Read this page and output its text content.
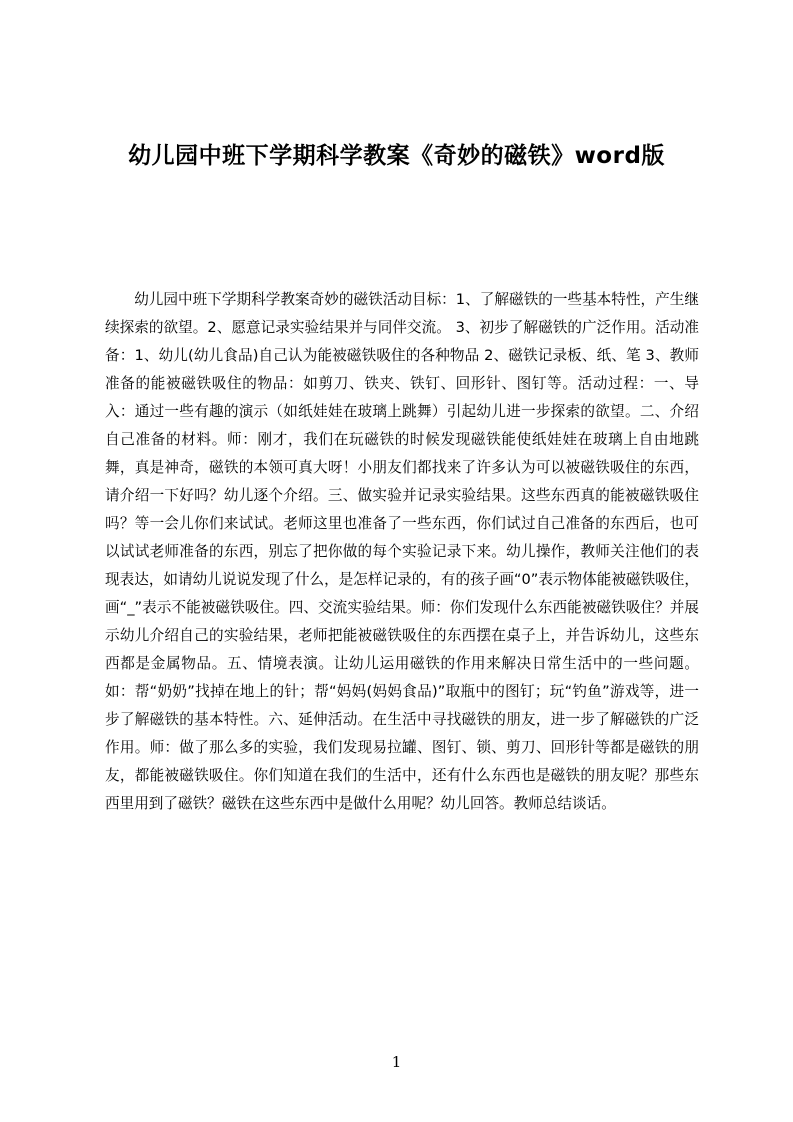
幼儿园中班下学期科学教案《奇妙的磁铁》word版

幼儿园中班下学期科学教案奇妙的磁铁活动目标：1、了解磁铁的一些基本特性，产生继续探索的欲望。2、愿意记录实验结果并与同伴交流。 3、初步了解磁铁的广泛作用。活动准备：1、幼儿(幼儿食品)自己认为能被磁铁吸住的各种物品 2、磁铁记录板、纸、笔 3、教师准备的能被磁铁吸住的物品：如剪刀、铁夹、铁钉、回形针、图钉等。活动过程：一、导入：通过一些有趣的演示（如纸娃娃在玻璃上跳舞）引起幼儿进一步探索的欲望。二、介绍自己准备的材料。师：刚才，我们在玩磁铁的时候发现磁铁能使纸娃娃在玻璃上自由地跳舞，真是神奇，磁铁的本领可真大呀！小朋友们都找来了许多认为可以被磁铁吸住的东西，请介绍一下好吗？幼儿逐个介绍。三、做实验并记录实验结果。这些东西真的能被磁铁吸住吗？等一会儿你们来试试。老师这里也准备了一些东西，你们试过自己准备的东西后，也可以试试老师准备的东西，别忘了把你做的每个实验记录下来。幼儿操作，教师关注他们的表现表达，如请幼儿说说发现了什么，是怎样记录的，有的孩子画“0”表示物体能被磁铁吸住，画“_”表示不能被磁铁吸住。四、交流实验结果。师：你们发现什么东西能被磁铁吸住？并展示幼儿介绍自己的实验结果，老师把能被磁铁吸住的东西摆在桌子上，并告诉幼儿，这些东西都是金属物品。五、情境表演。让幼儿运用磁铁的作用来解决日常生活中的一些问题。如：帮“奶奶”找掉在地上的针；帮“妈妈(妈妈食品)”取瓶中的图钉；玩“钓鱼”游戏等，进一步了解磁铁的基本特性。六、延伸活动。在生活中寻找磁铁的朋友，进一步了解磁铁的广泛作用。师：做了那么多的实验，我们发现易拉罐、图钉、锁、剪刀、回形针等都是磁铁的朋友，都能被磁铁吸住。你们知道在我们的生活中，还有什么东西也是磁铁的朋友呢？那些东西里用到了磁铁？磁铁在这些东西中是做什么用呢？幼儿回答。教师总结谈话。

1
